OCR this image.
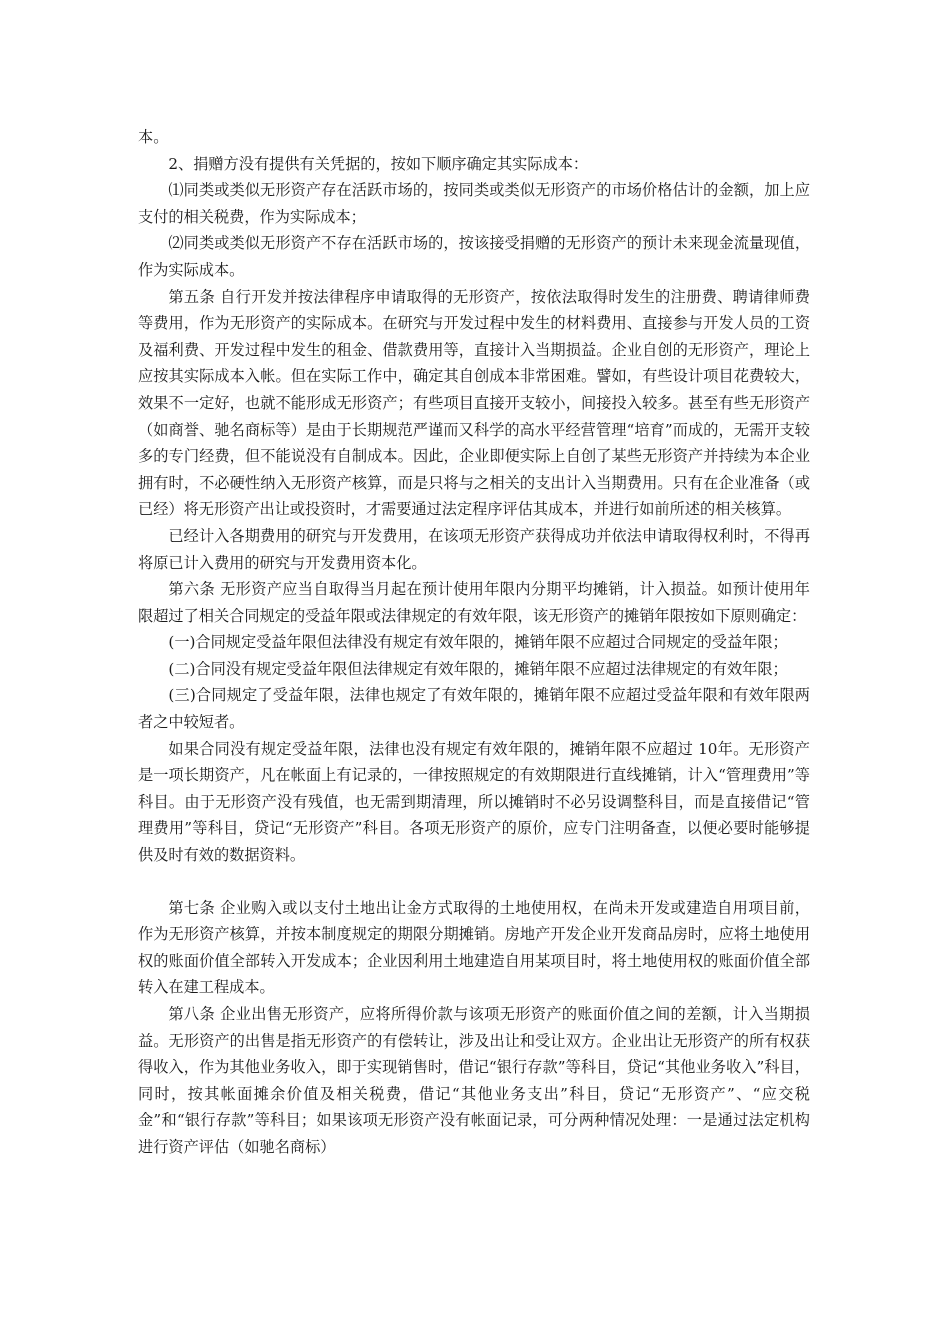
本。

2、捐赠方没有提供有关凭据的，按如下顺序确定其实际成本：

⑴同类或类似无形资产存在活跃市场的，按同类或类似无形资产的市场价格估计的金额，加上应支付的相关税费，作为实际成本；

⑵同类或类似无形资产不存在活跃市场的，按该接受捐赠的无形资产的预计未来现金流量现值，作为实际成本。

第五条 自行开发并按法律程序申请取得的无形资产，按依法取得时发生的注册费、聘请律师费等费用，作为无形资产的实际成本。在研究与开发过程中发生的材料费用、直接参与开发人员的工资及福利费、开发过程中发生的租金、借款费用等，直接计入当期损益。企业自创的无形资产，理论上应按其实际成本入帐。但在实际工作中，确定其自创成本非常困难。譬如，有些设计项目花费较大，效果不一定好，也就不能形成无形资产；有些项目直接开支较小，间接投入较多。甚至有些无形资产（如商誉、驰名商标等）是由于长期规范严谨而又科学的高水平经营管理“培育”而成的，无需开支较多的专门经费，但不能说没有自制成本。因此，企业即便实际上自创了某些无形资产并持续为本企业拥有时，不必硬性纳入无形资产核算，而是只将与之相关的支出计入当期费用。只有在企业准备（或已经）将无形资产出让或投资时，才需要通过法定程序评估其成本，并进行如前所述的相关核算。

已经计入各期费用的研究与开发费用，在该项无形资产获得成功并依法申请取得权利时，不得再将原已计入费用的研究与开发费用资本化。

第六条 无形资产应当自取得当月起在预计使用年限内分期平均摊销，计入损益。如预计使用年限超过了相关合同规定的受益年限或法律规定的有效年限，该无形资产的摊销年限按如下原则确定：

(一)合同规定受益年限但法律没有规定有效年限的，摊销年限不应超过合同规定的受益年限；

(二)合同没有规定受益年限但法律规定有效年限的，摊销年限不应超过法律规定的有效年限；

(三)合同规定了受益年限，法律也规定了有效年限的，摊销年限不应超过受益年限和有效年限两者之中较短者。

如果合同没有规定受益年限，法律也没有规定有效年限的，摊销年限不应超过 10年。无形资产是一项长期资产，凡在帐面上有记录的，一律按照规定的有效期限进行直线摊销，计入“管理费用”等科目。由于无形资产没有残值，也无需到期清理，所以摊销时不必另设调整科目，而是直接借记“管理费用”等科目，贷记“无形资产”科目。各项无形资产的原价，应专门注明备查，以便必要时能够提供及时有效的数据资料。

第七条 企业购入或以支付土地出让金方式取得的土地使用权，在尚未开发或建造自用项目前，作为无形资产核算，并按本制度规定的期限分期摊销。房地产开发企业开发商品房时，应将土地使用权的账面价值全部转入开发成本；企业因利用土地建造自用某项目时，将土地使用权的账面价值全部转入在建工程成本。

第八条 企业出售无形资产，应将所得价款与该项无形资产的账面价值之间的差额，计入当期损益。无形资产的出售是指无形资产的有偿转让，涉及出让和受让双方。企业出让无形资产的所有权获得收入，作为其他业务收入，即于实现销售时，借记“银行存款”等科目，贷记“其他业务收入”科目，同时，按其帐面摊余价值及相关税费，借记“其他业务支出”科目，贷记“无形资产”、“应交税金”和“银行存款”等科目；如果该项无形资产没有帐面记录，可分两种情况处理：一是通过法定机构进行资产评估（如驰名商标）
